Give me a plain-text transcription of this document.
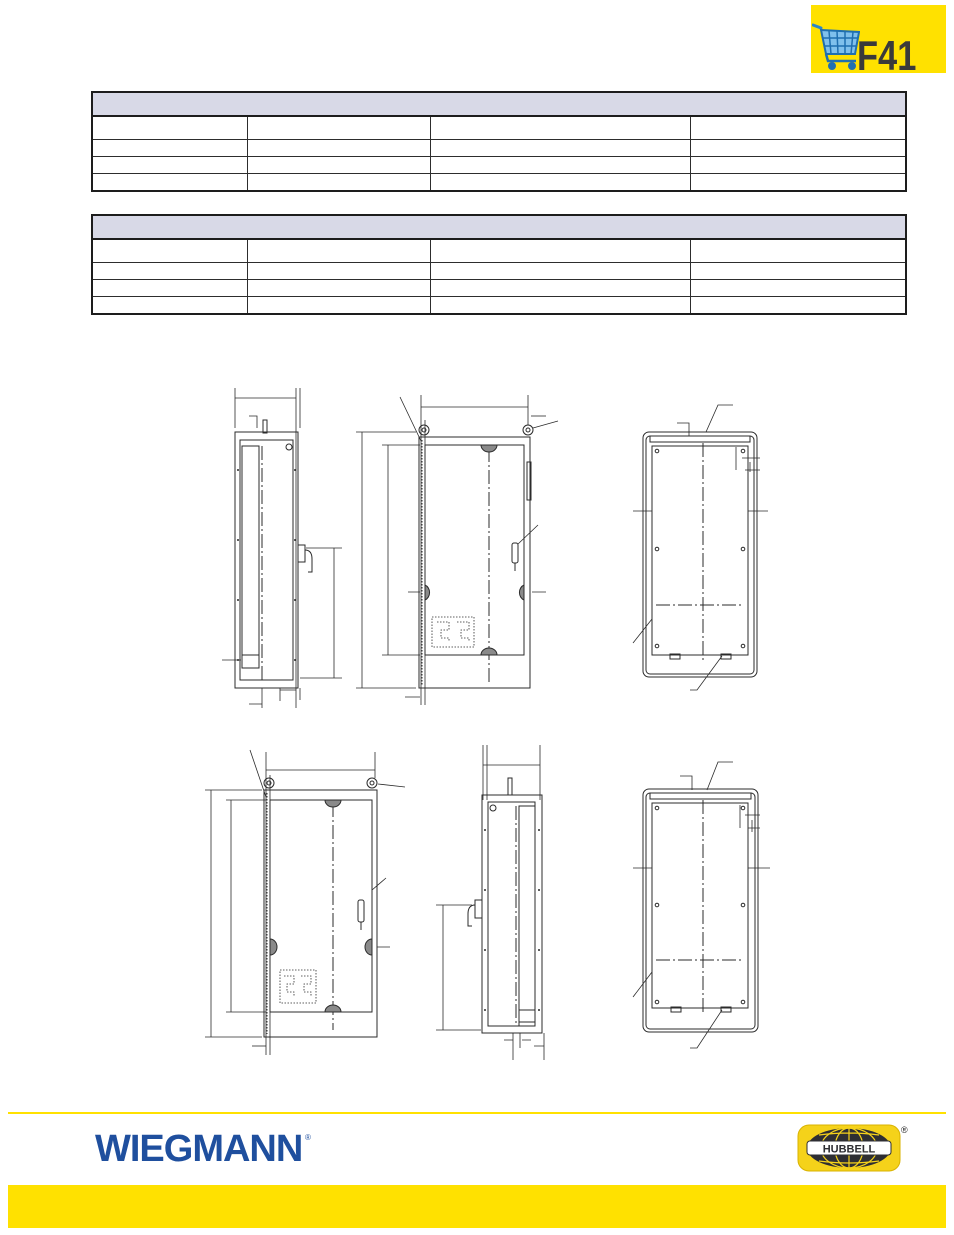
F41

WIEGMANN ®
HUBBELL
®
